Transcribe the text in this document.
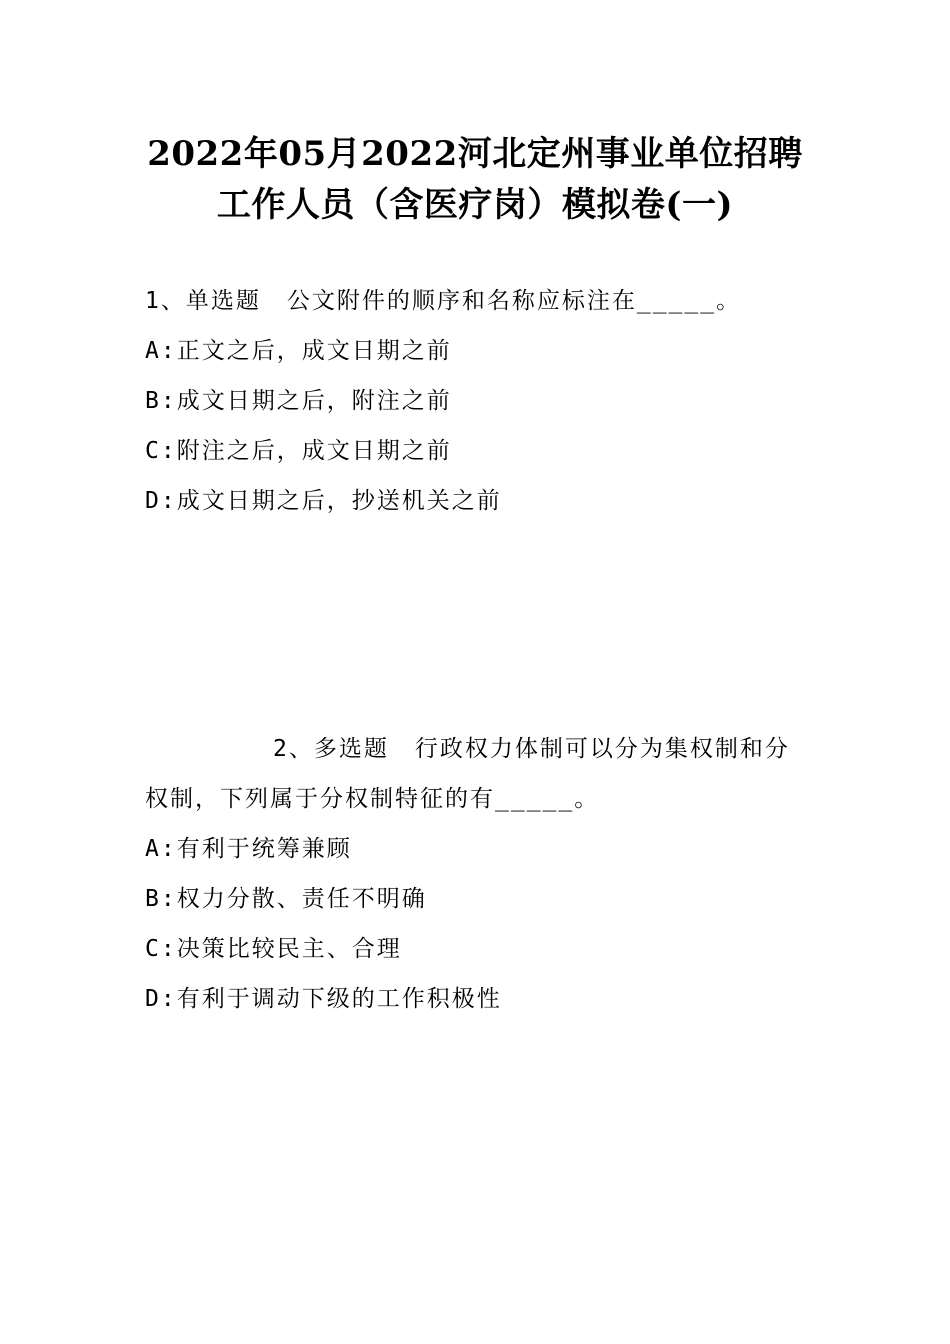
2022年05月2022河北定州事业单位招聘
工作人员（含医疗岗）模拟卷(一)
1、单选题 公文附件的顺序和名称应标注在_____。
A:正文之后，成文日期之前
B:成文日期之后，附注之前
C:附注之后，成文日期之前
D:成文日期之后，抄送机关之前
2、多选题 行政权力体制可以分为集权制和分
权制，下列属于分权制特征的有_____。
A:有利于统筹兼顾
B:权力分散、责任不明确
C:决策比较民主、合理
D:有利于调动下级的工作积极性
